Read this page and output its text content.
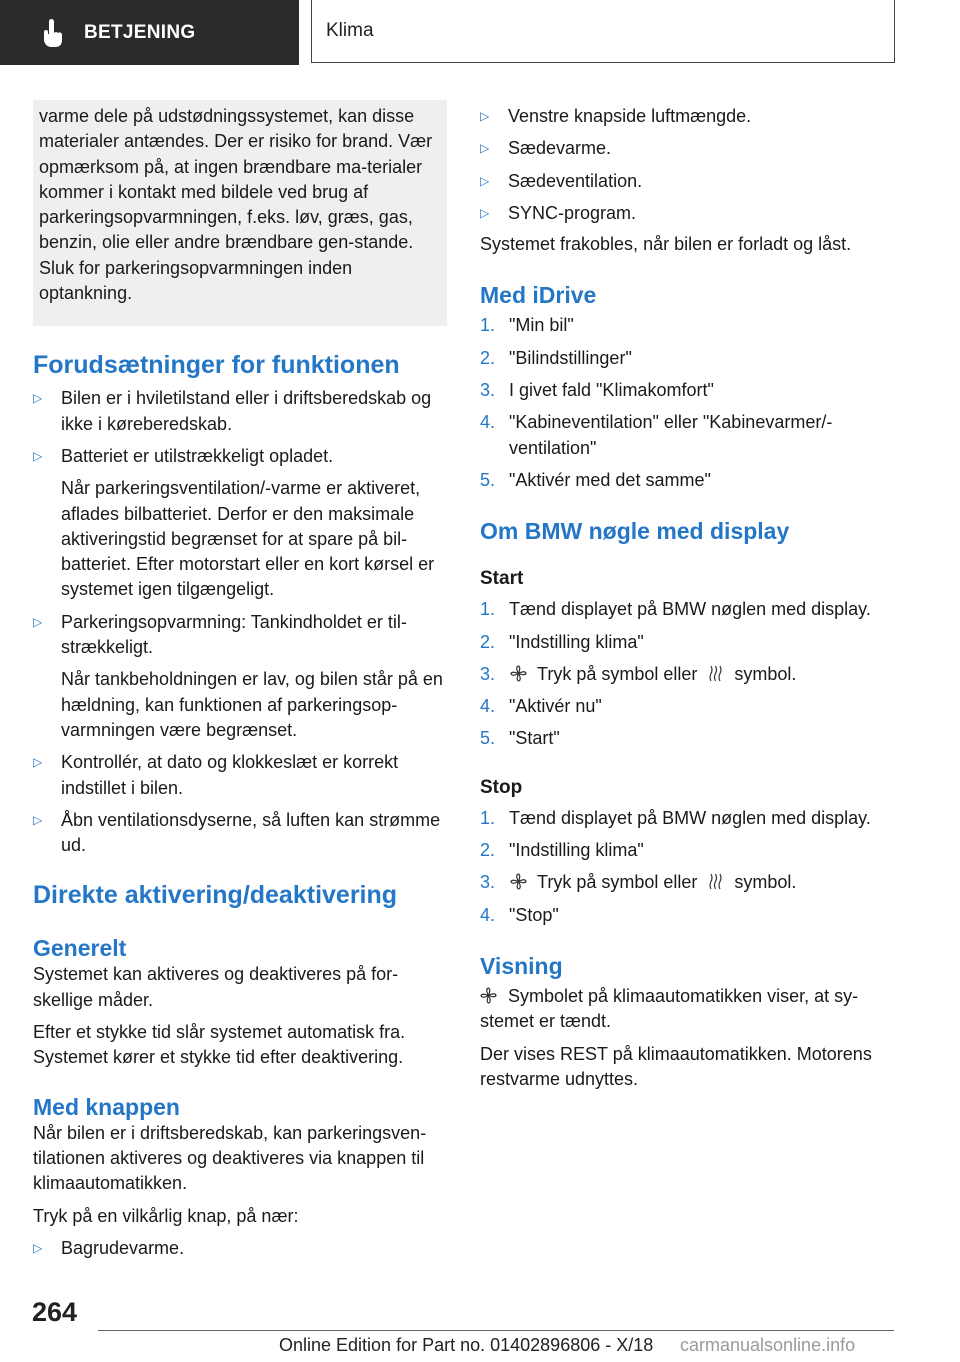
BETJENING	Klima
varme dele på udstødningssystemet, kan disse materialer antændes. Der er risiko for brand. Vær opmærksom på, at ingen brændbare ma-terialer kommer i kontakt med bildele ved brug af parkeringsopvarmningen, f.eks. løv, græs, gas, benzin, olie eller andre brændbare gen-stande. Sluk for parkeringsopvarmningen inden optankning.
Forudsætninger for funktionen
▷	Bilen er i hviletilstand eller i driftsberedskab og ikke i køreberedskab.
▷	Batteriet er utilstrækkeligt opladet.
Når parkeringsventilation/-varme er aktiveret, aflades bilbatteriet. Derfor er den maksimale aktiveringstid begrænset for at spare på bil-batteriet. Efter motorstart eller en kort kørsel er systemet igen tilgængeligt.
▷	Parkeringsopvarmning: Tankindholdet er til-strækkeligt.
Når tankbeholdningen er lav, og bilen står på en hældning, kan funktionen af parkeringsop-varmningen være begrænset.
▷	Kontrollér, at dato og klokkeslæt er korrekt indstillet i bilen.
▷	Åbn ventilationsdyserne, så luften kan strømme ud.
Direkte aktivering/deaktivering
Generelt

Systemet kan aktiveres og deaktiveres på for-skellige måder.

Efter et stykke tid slår systemet automatisk fra. Systemet kører et stykke tid efter deaktivering.

Med knappen

Når bilen er i driftsberedskab, kan parkeringsven-tilationen aktiveres og deaktiveres via knappen til klimaautomatikken.

Tryk på en vilkårlig knap, på nær:

▷	Bagrudevarme.
▷	Venstre knapside luftmængde.
▷	Sædevarme.
▷	Sædeventilation.
▷	SYNC-program.

Systemet frakobles, når bilen er forladt og låst.

Med iDrive
1. "Min bil"
2. "Bilindstillinger"
3. I givet fald "Klimakomfort"
4. "Kabineventilation" eller "Kabinevarmer/-ventilation"
5. "Aktivér med det samme"
Om BMW nøgle med display
Start
1. Tænd displayet på BMW nøglen med display.
2. "Indstilling klima"
3.	Tryk på symbol eller symbol.
4. "Aktivér nu"
5. "Start"
Stop
1. Tænd displayet på BMW nøglen med display.
2. "Indstilling klima"
3.	Tryk på symbol eller symbol.
4. "Stop"
Visning

Symbolet på klimaautomatikken viser, at sy-stemet er tændt.

Der vises REST på klimaautomatikken. Motorens restvarme udnyttes.

264
Online Edition for Part no. 01402896806 - X/18 carmanualsonline.info
